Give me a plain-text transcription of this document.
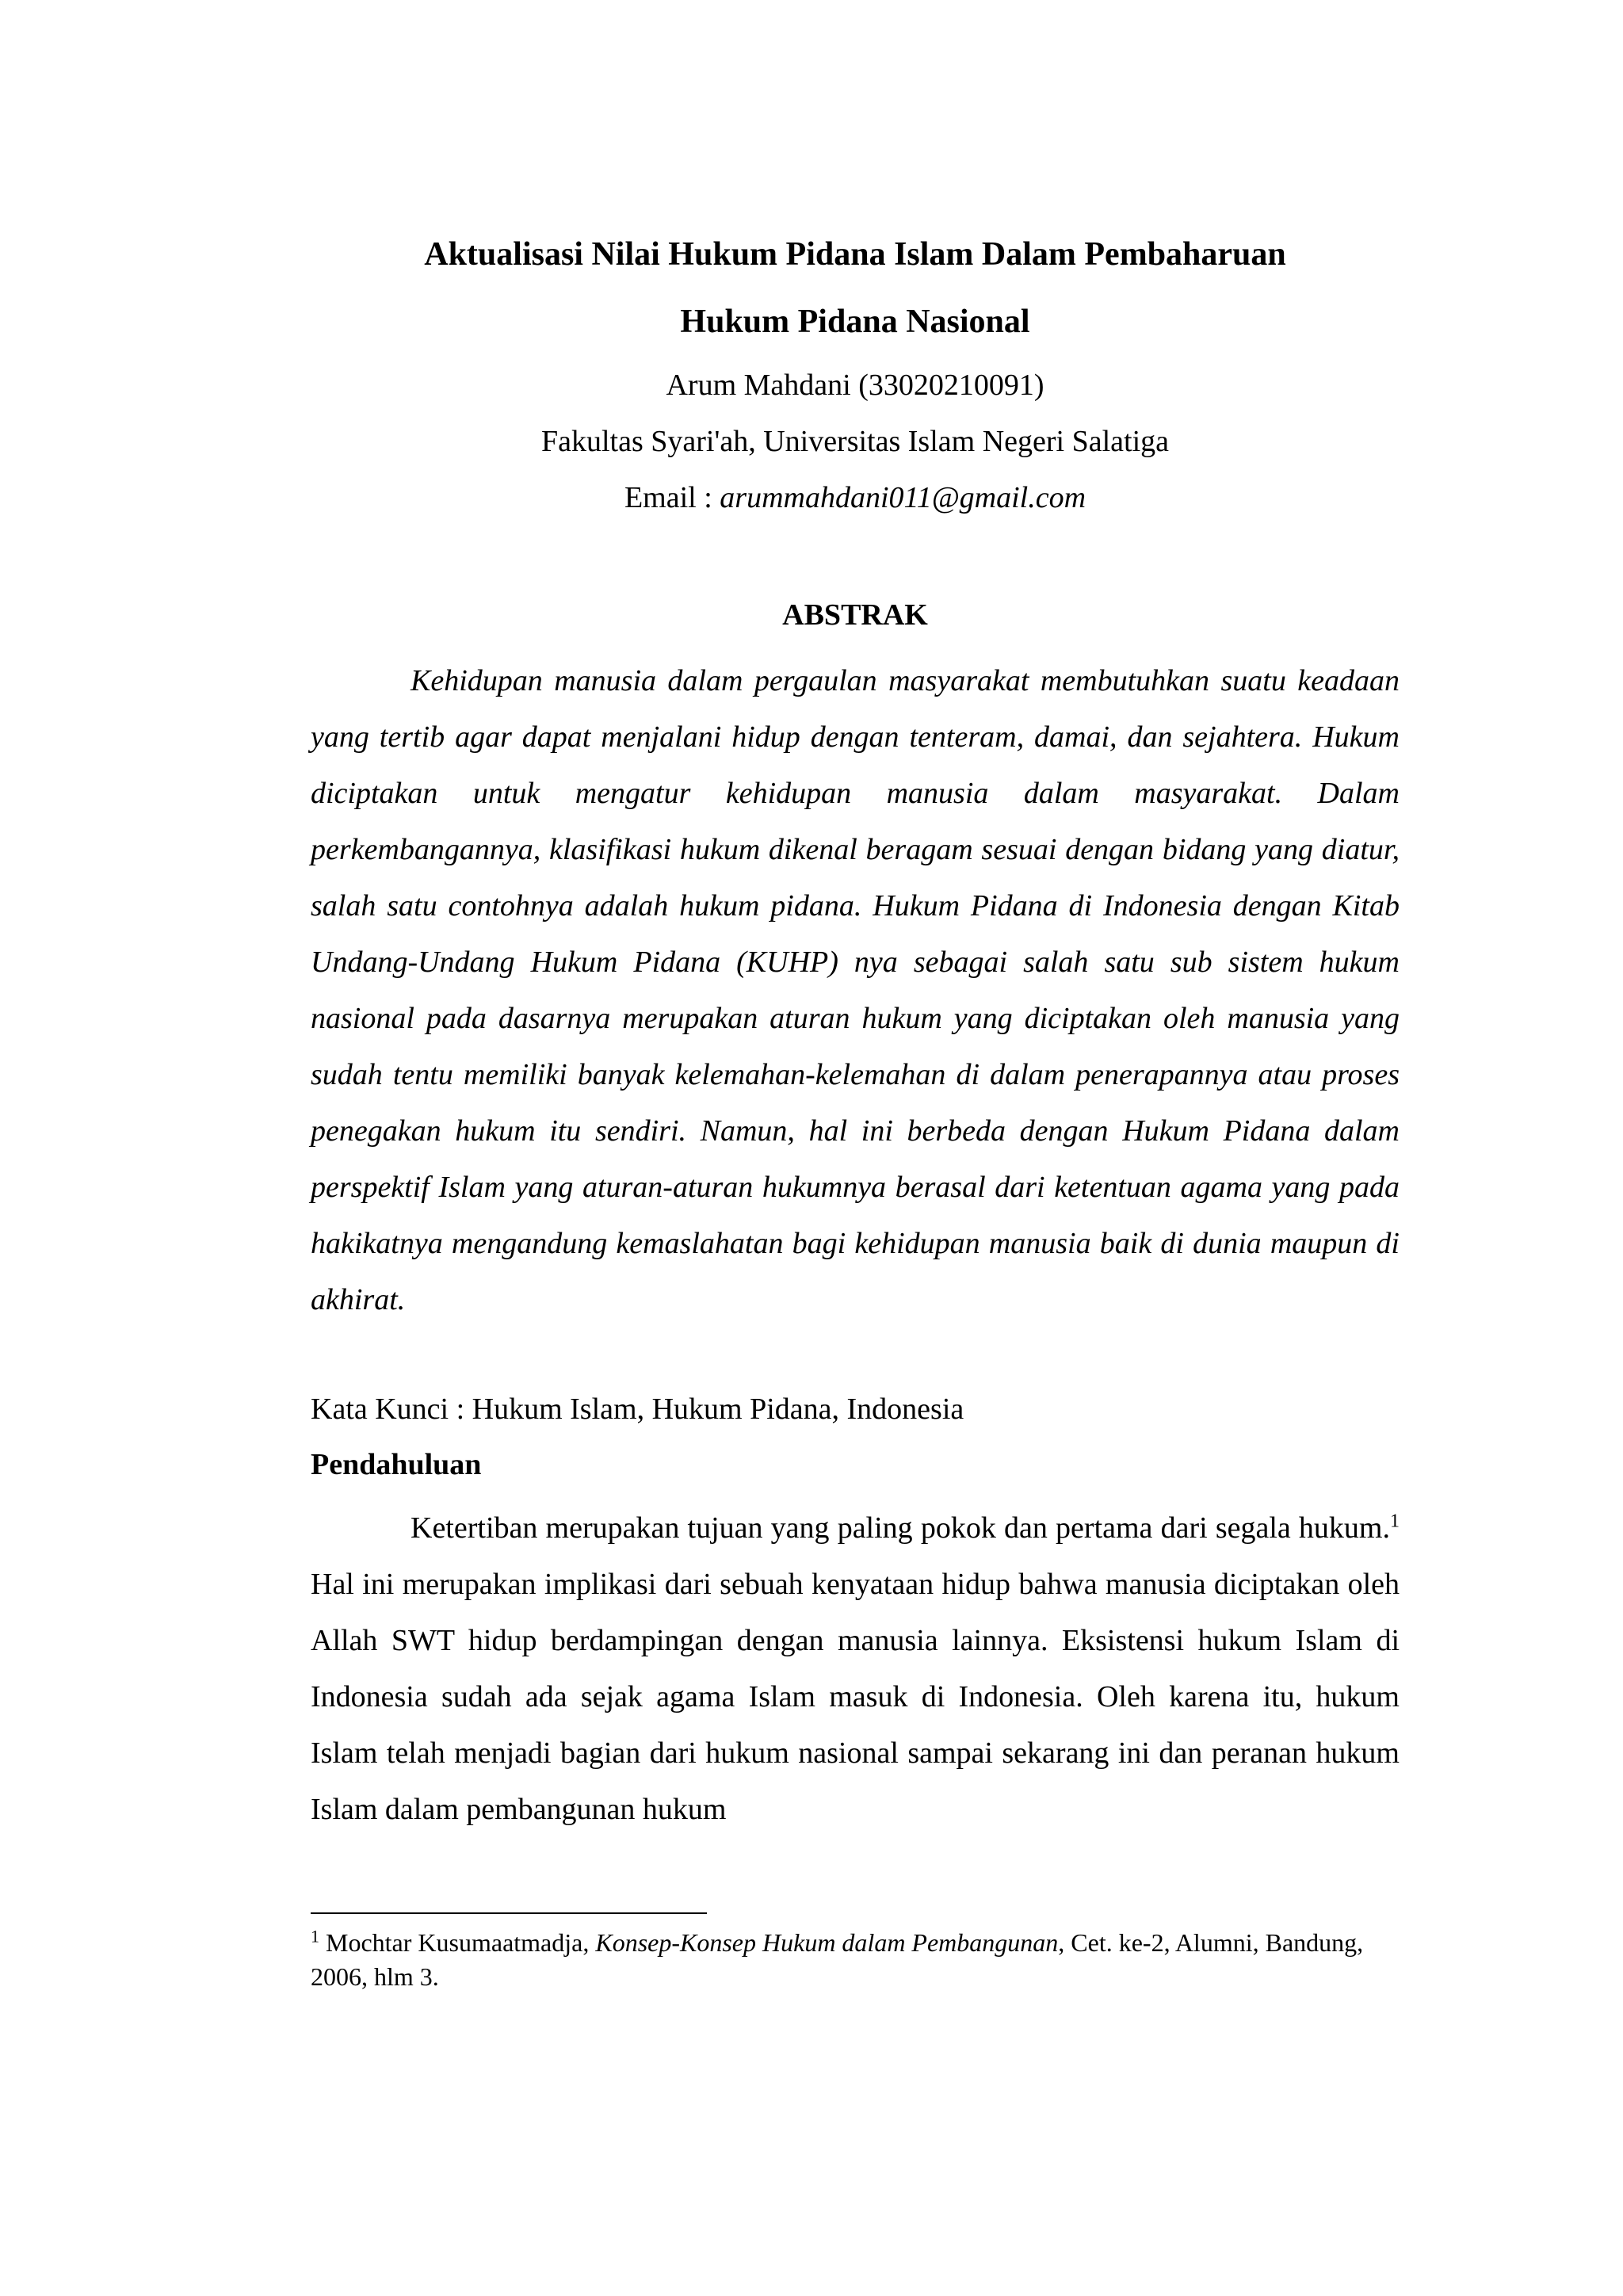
Aktualisasi Nilai Hukum Pidana Islam Dalam Pembaharuan
Hukum Pidana Nasional

Arum Mahdani (33020210091)

Fakultas Syari'ah, Universitas Islam Negeri Salatiga

Email : arummahdani011@gmail.com

ABSTRAK

Kehidupan manusia dalam pergaulan masyarakat membutuhkan suatu keadaan yang tertib agar dapat menjalani hidup dengan tenteram, damai, dan sejahtera. Hukum diciptakan untuk mengatur kehidupan manusia dalam masyarakat. Dalam perkembangannya, klasifikasi hukum dikenal beragam sesuai dengan bidang yang diatur, salah satu contohnya adalah hukum pidana. Hukum Pidana di Indonesia dengan Kitab Undang-Undang Hukum Pidana (KUHP) nya sebagai salah satu sub sistem hukum nasional pada dasarnya merupakan aturan hukum yang diciptakan oleh manusia yang sudah tentu memiliki banyak kelemahan-kelemahan di dalam penerapannya atau proses penegakan hukum itu sendiri. Namun, hal ini berbeda dengan Hukum Pidana dalam perspektif Islam yang aturan-aturan hukumnya berasal dari ketentuan agama yang pada hakikatnya mengandung kemaslahatan bagi kehidupan manusia baik di dunia maupun di akhirat.

Kata Kunci : Hukum Islam, Hukum Pidana, Indonesia

Pendahuluan

Ketertiban merupakan tujuan yang paling pokok dan pertama dari segala hukum.$^1$ Hal ini merupakan implikasi dari sebuah kenyataan hidup bahwa manusia diciptakan oleh Allah SWT hidup berdampingan dengan manusia lainnya. Eksistensi hukum Islam di Indonesia sudah ada sejak agama Islam masuk di Indonesia. Oleh karena itu, hukum Islam telah menjadi bagian dari hukum nasional sampai sekarang ini dan peranan hukum Islam dalam pembangunan hukum

$^1$ Mochtar Kusumaatmadja, Konsep-Konsep Hukum dalam Pembangunan, Cet. ke-2, Alumni, Bandung, 2006, hlm 3.
